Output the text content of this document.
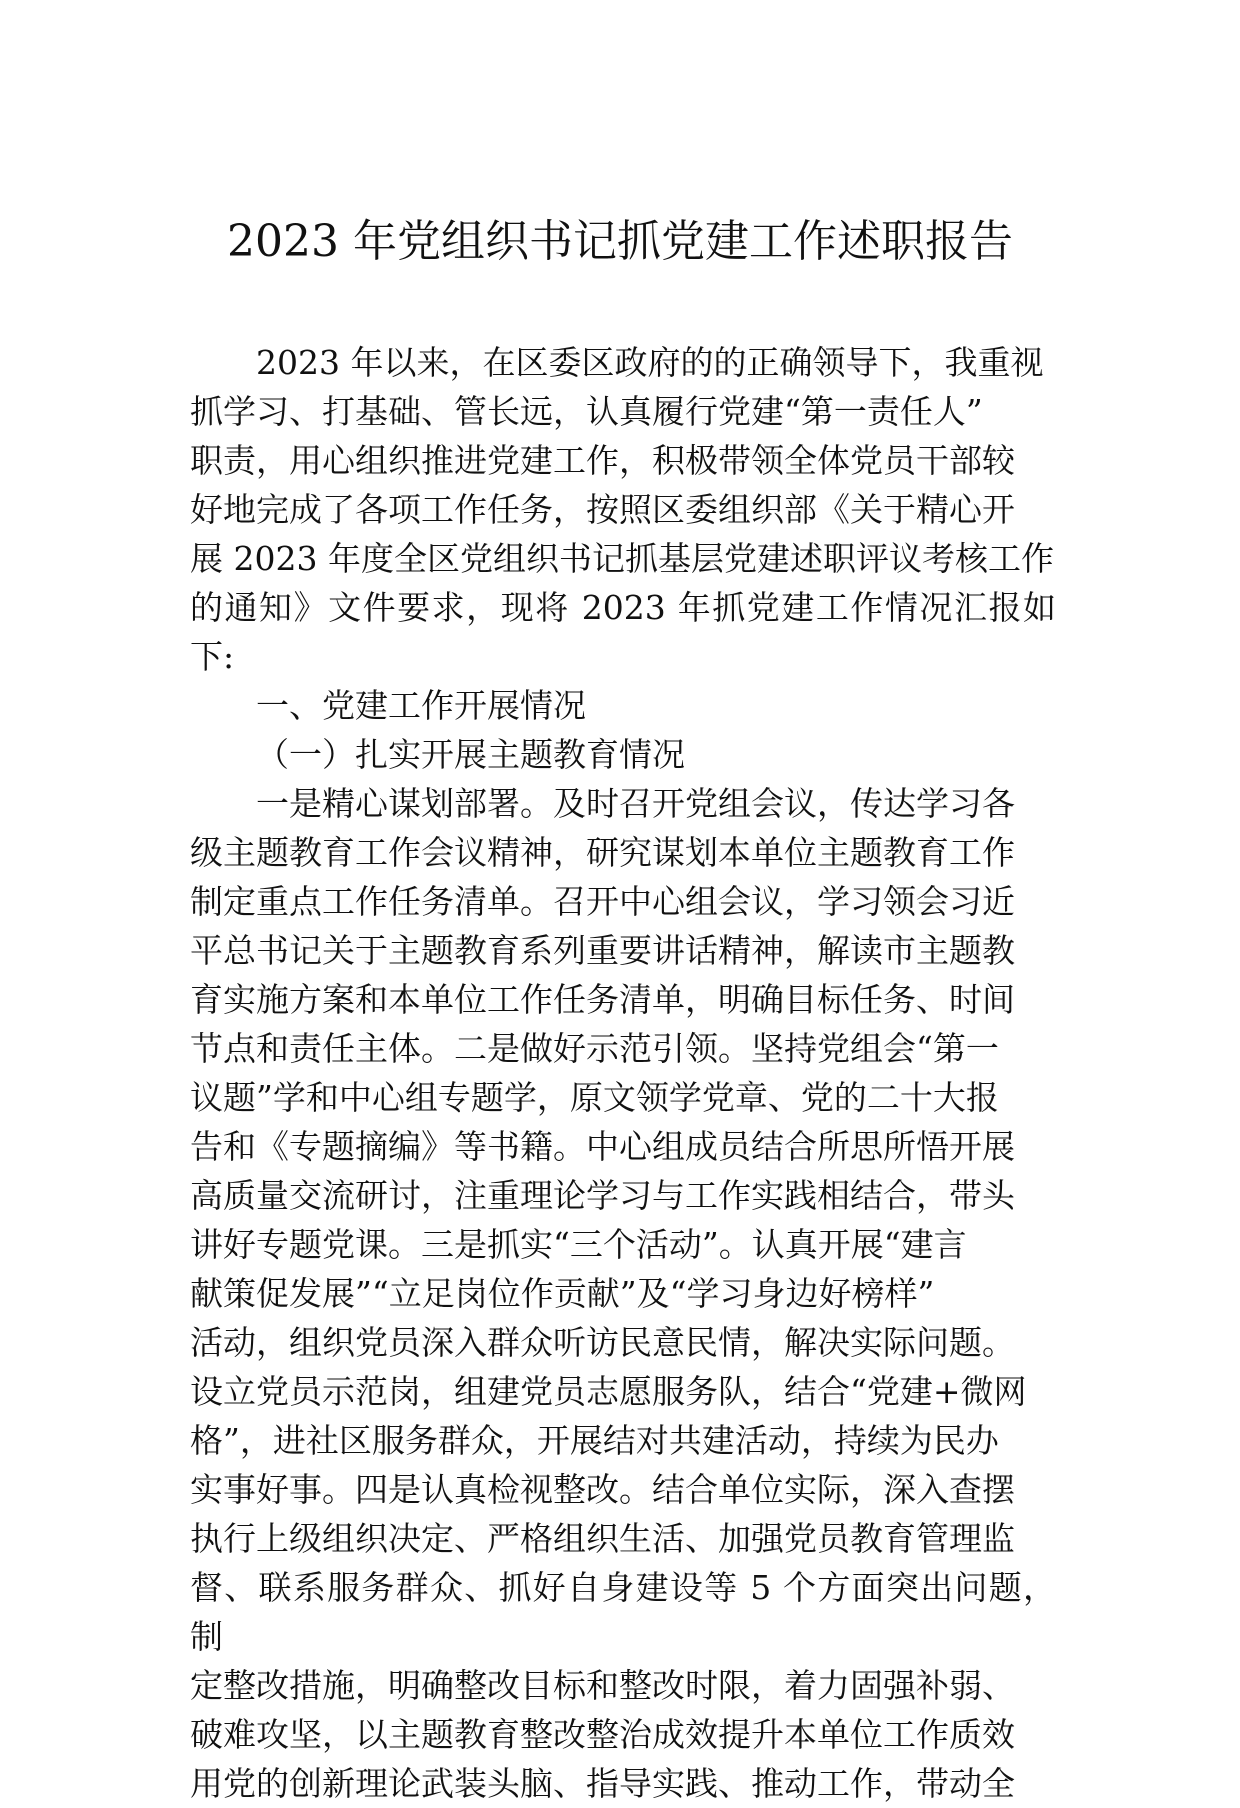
2023 年党组织书记抓党建工作述职报告

2023 年以来，在区委区政府的的正确领导下，我重视
抓学习、打基础、管长远，认真履行党建“第一责任人”
职责，用心组织推进党建工作，积极带领全体党员干部较
好地完成了各项工作任务，按照区委组织部《关于精心开
展 2023 年度全区党组织书记抓基层党建述职评议考核工作
的通知》文件要求，现将 2023 年抓党建工作情况汇报如下:

一、党建工作开展情况

（一）扎实开展主题教育情况

一是精心谋划部署。及时召开党组会议，传达学习各
级主题教育工作会议精神，研究谋划本单位主题教育工作
制定重点工作任务清单。召开中心组会议，学习领会习近
平总书记关于主题教育系列重要讲话精神，解读市主题教
育实施方案和本单位工作任务清单，明确目标任务、时间
节点和责任主体。二是做好示范引领。坚持党组会“第一
议题”学和中心组专题学，原文领学党章、党的二十大报
告和《专题摘编》等书籍。中心组成员结合所思所悟开展
高质量交流研讨，注重理论学习与工作实践相结合，带头
讲好专题党课。三是抓实“三个活动”。认真开展“建言
献策促发展”“立足岗位作贡献”及“学习身边好榜样”
活动，组织党员深入群众听访民意民情，解决实际问题。
设立党员示范岗，组建党员志愿服务队，结合“党建+微网
格”，进社区服务群众，开展结对共建活动，持续为民办
实事好事。四是认真检视整改。结合单位实际，深入查摆
执行上级组织决定、严格组织生活、加强党员教育管理监
督、联系服务群众、抓好自身建设等 5 个方面突出问题，制
定整改措施，明确整改目标和整改时限，着力固强补弱、
破难攻坚，以主题教育整改整治成效提升本单位工作质效
用党的创新理论武装头脑、指导实践、推动工作，带动全
